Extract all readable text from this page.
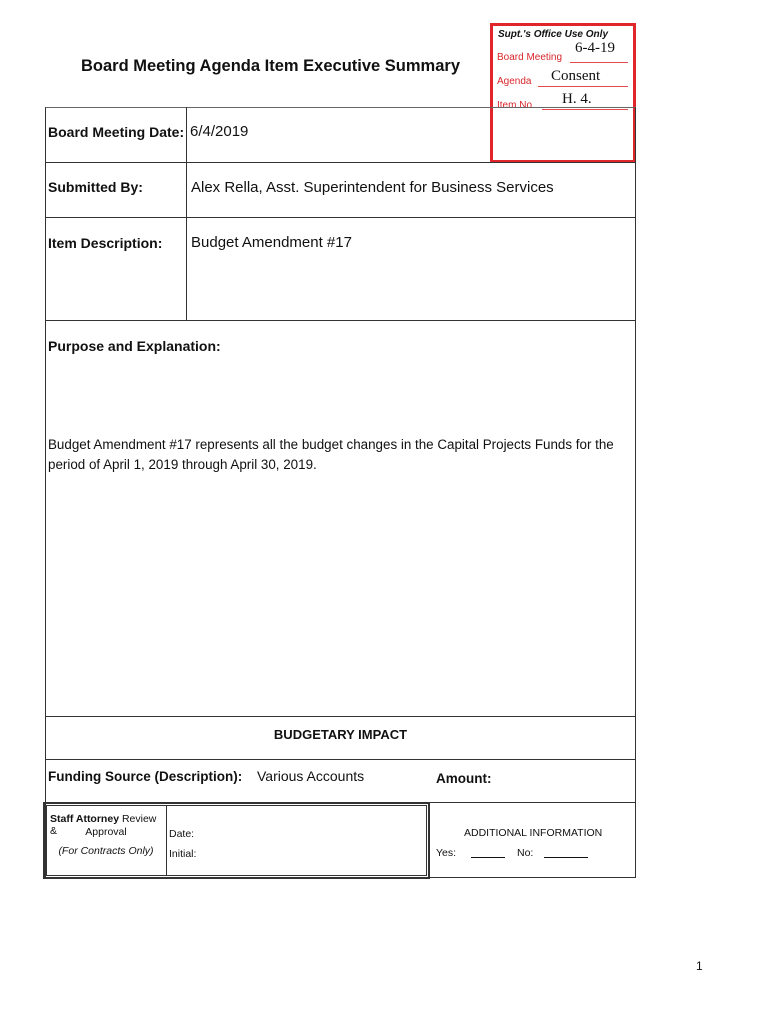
Supt.'s Office Use Only
Board Meeting
6-4-19
Agenda Consent
Item No. H. 4.
Board Meeting Agenda Item Executive Summary
Board Meeting Date: 6/4/2019
Submitted By:	Alex Rella, Asst. Superintendent for Business Services
Item Description: Budget Amendment #17
Purpose and Explanation:
Budget Amendment #17 represents all the budget changes in the Capital Projects Funds for the period of April 1, 2019 through April 30, 2019.
BUDGETARY IMPACT
Funding Source (Description): Various Accounts	Amount:
Staff Attorney Review &	Approval
(For Contracts Only)
Date:
Initial:
ADDITIONAL INFORMATION
Yes:	No:
1
